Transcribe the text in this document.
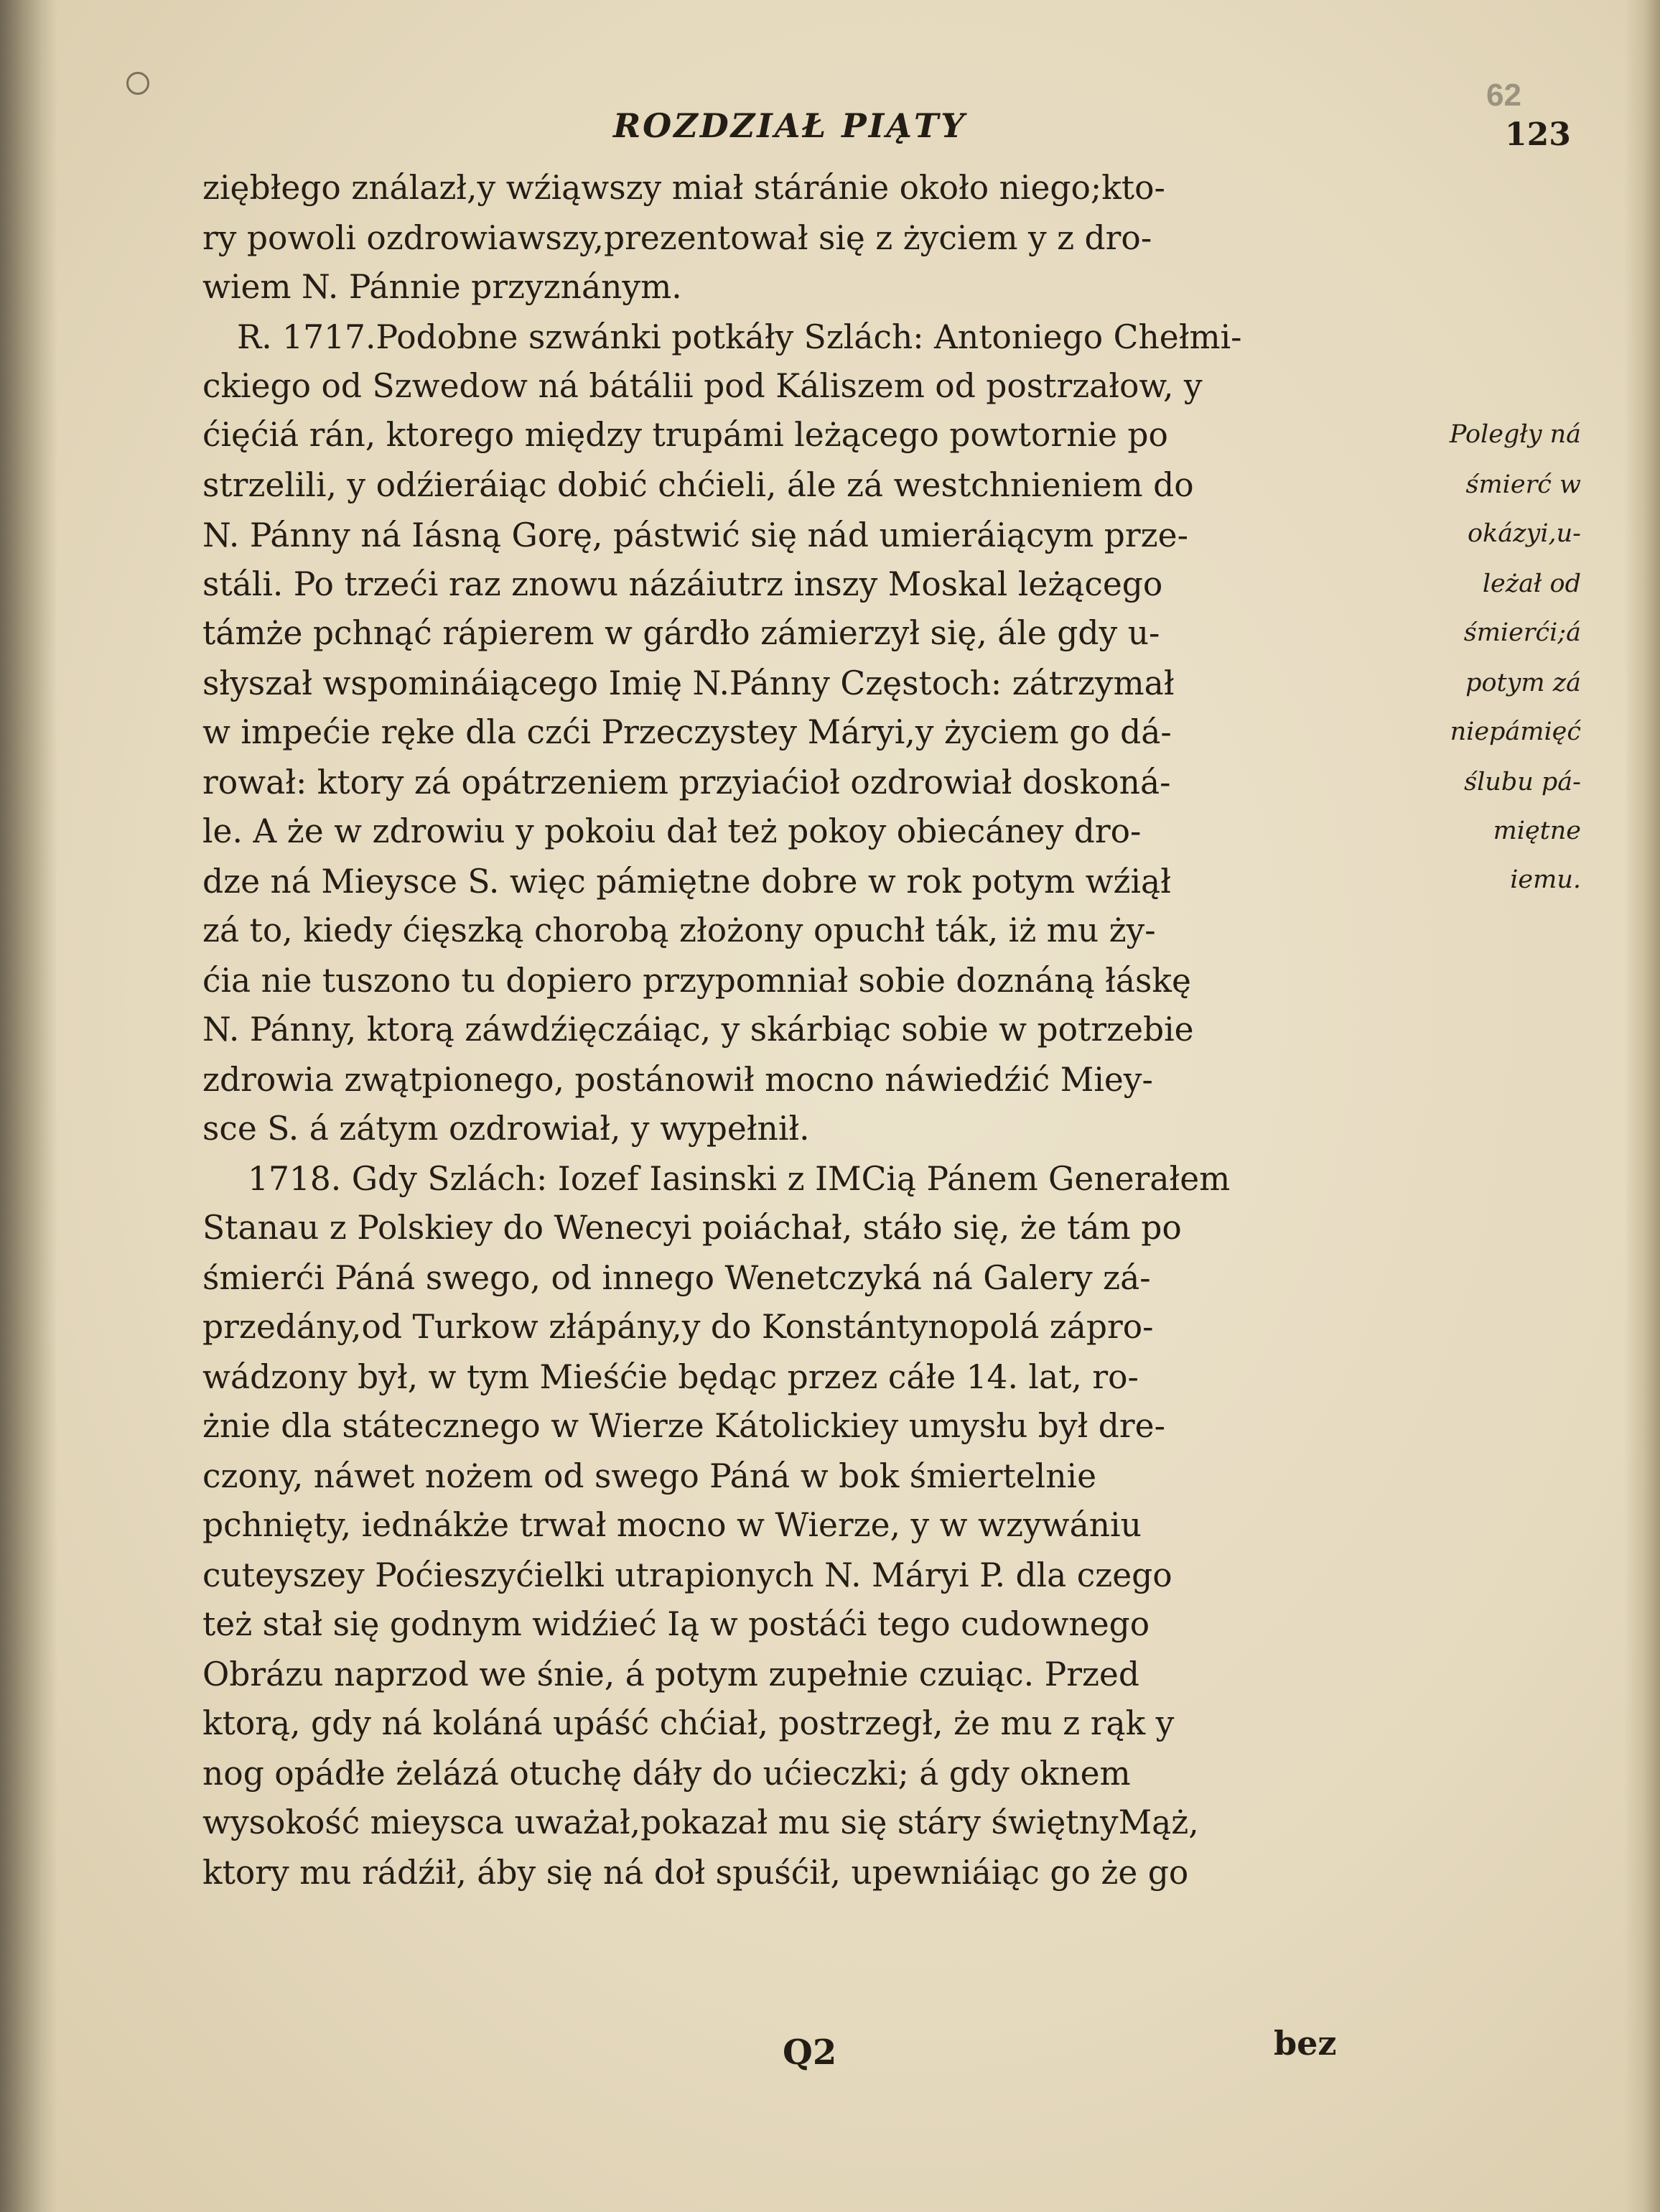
ROZDZIAŁ PIĄTY
62
123
ziębłego ználazł,y wźiąwszy miał stáránie około niego;kto-
ry powoli ozdrowiawszy,prezentował się z życiem y z dro-
wiem N. Pánnie przyznánym.
R. 1717.Podobne szwánki potkáły Szlách: Antoniego Chełmi-
ckiego od Szwedow ná bátálii pod Káliszem od postrzałow, y
ćięćiá rán, ktorego między trupámi leżącego powtornie po
strzelili, y odźieráiąc dobić chćieli, ále zá westchnieniem do
N. Pánny ná Iásną Gorę, pástwić się nád umieráiącym prze-
stáli. Po trzeći raz znowu názáiutrz inszy Moskal leżącego
támże pchnąć rápierem w gárdło zámierzył się, ále gdy u-
słyszał wspomináiącego Imię N.Pánny Częstoch: zátrzymał
w impećie ręke dla czći Przeczystey Máryi,y życiem go dá-
rował: ktory zá opátrzeniem przyiaćioł ozdrowiał doskoná-
le. A że w zdrowiu y pokoiu dał też pokoy obiecáney dro-
dze ná Mieysce S. więc pámiętne dobre w rok potym wźiął
zá to, kiedy ćięszką chorobą złożony opuchł ták, iż mu ży-
ćia nie tuszono tu dopiero przypomniał sobie doznáną łáskę
N. Pánny, ktorą záwdźięczáiąc, y skárbiąc sobie w potrzebie
zdrowia zwątpionego, postánowił mocno náwiedźić Miey-
sce S. á zátym ozdrowiał, y wypełnił.
1718. Gdy Szlách: Iozef Iasinski z IMCią Pánem Generałem
Stanau z Polskiey do Wenecyi poiáchał, stáło się, że tám po
śmierći Páná swego, od innego Wenetczyká ná Galery zá-
przedány,od Turkow złápány,y do Konstántynopolá zápro-
wádzony był, w tym Mieśćie będąc przez cáłe 14. lat, ro-
żnie dla státecznego w Wierze Kátolickiey umysłu był dre-
czony, náwet nożem od swego Páná w bok śmiertelnie
pchnięty, iednákże trwał mocno w Wierze, y w wzywániu
cuteyszey Poćieszyćielki utrapionych N. Máryi P. dla czego
też stał się godnym widźieć Ią w postáći tego cudownego
Obrázu naprzod we śnie, á potym zupełnie czuiąc. Przed
ktorą, gdy ná koláná upáść chćiał, postrzegł, że mu z rąk y
nog opádłe żelázá otuchę dáły do ućieczki; á gdy oknem
wysokość mieysca uważał,pokazał mu się stáry świętnyMąż,
ktory mu rádźił, áby się ná doł spuśćił, upewniáiąc go że go
Poległy ná
śmierć w
okázyi,u-
leżał od
śmierći;á
potym zá
niepámięć
ślubu pá-
miętne
iemu.
Q2	bez
